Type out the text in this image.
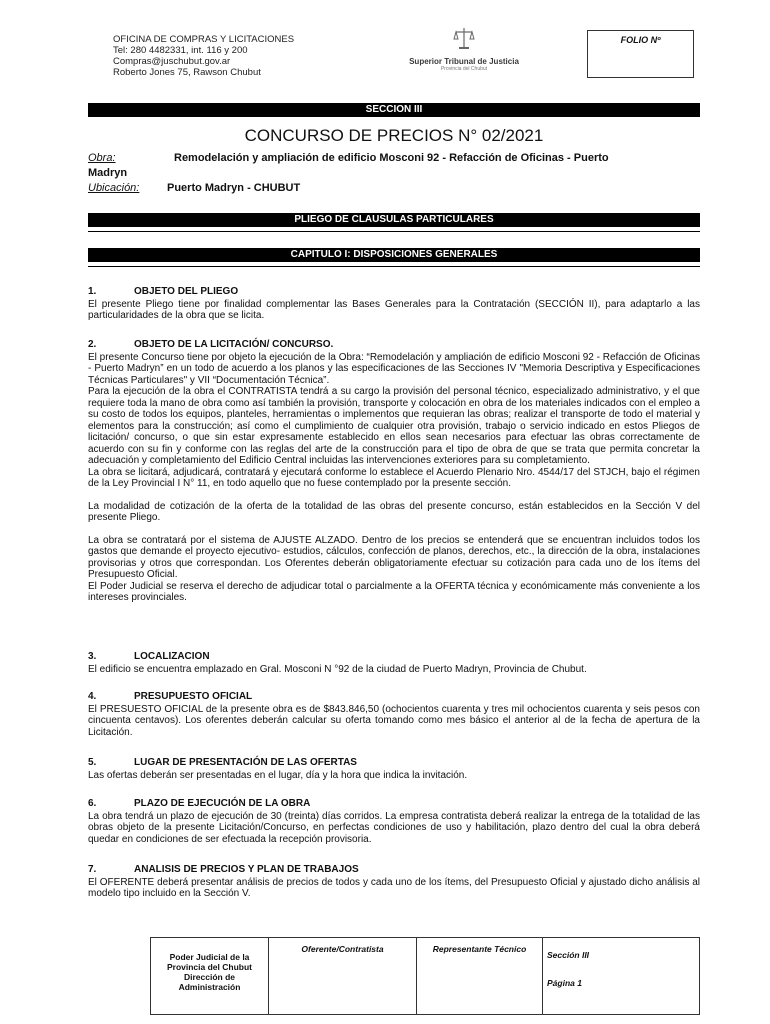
OFICINA DE COMPRAS Y LICITACIONES
Tel: 280 4482331, int. 116 y 200
Compras@juschubut.gov.ar
Roberto Jones 75, Rawson Chubut
Superior Tribunal de Justicia
Provincia del Chubut
FOLIO Nº
SECCION III
CONCURSO DE PRECIOS N° 02/2021
Obra:	Remodelación y ampliación de edificio Mosconi 92 - Refacción de Oficinas - Puerto
Madryn
Ubicación:	Puerto Madryn - CHUBUT
PLIEGO DE CLAUSULAS PARTICULARES
CAPITULO I: DISPOSICIONES GENERALES
1.	OBJETO DEL PLIEGO

El presente Pliego tiene por finalidad complementar las Bases Generales para la Contratación (SECCIÓN II), para adaptarlo a las particularidades de la obra que se licita.

2.	OBJETO DE LA LICITACIÓN/ CONCURSO.

El presente Concurso tiene por objeto la ejecución de la Obra: “Remodelación y ampliación de edificio Mosconi 92 - Refacción de Oficinas - Puerto Madryn” en un todo de acuerdo a los planos y las especificaciones de las Secciones IV "Memoria Descriptiva y Especificaciones Técnicas Particulares" y VII “Documentación Técnica”.

Para la ejecución de la obra el CONTRATISTA tendrá a su cargo la provisión del personal técnico, especializado administrativo, y el que requiere toda la mano de obra como así también la provisión, transporte y colocación en obra de los materiales indicados con el empleo a su costo de todos los equipos, planteles, herramientas o implementos que requieran las obras; realizar el transporte de todo el material y elementos para la construcción; así como el cumplimiento de cualquier otra provisión, trabajo o servicio indicado en estos Pliegos de licitación/ concurso, o que sin estar expresamente establecido en ellos sean necesarios para efectuar las obras correctamente de acuerdo con su fin y conforme con las reglas del arte de la construcción para el tipo de obra de que se trata que permita concretar la adecuación y completamiento del Edificio Central incluidas las intervenciones exteriores para su completamiento.

La obra se licitará, adjudicará, contratará y ejecutará conforme lo establece el Acuerdo Plenario Nro. 4544/17 del STJCH, bajo el régimen de la Ley Provincial I N° 11, en todo aquello que no fuese contemplado por la presente sección.

La modalidad de cotización de la oferta de la totalidad de las obras del presente concurso, están establecidos en la Sección V del presente Pliego.

La obra se contratará por el sistema de AJUSTE ALZADO. Dentro de los precios se entenderá que se encuentran incluidos todos los gastos que demande el proyecto ejecutivo- estudios, cálculos, confección de planos, derechos, etc., la dirección de la obra, instalaciones provisorias y otros que correspondan. Los Oferentes deberán obligatoriamente efectuar su cotización para cada uno de los ítems del Presupuesto Oficial.

El Poder Judicial se reserva el derecho de adjudicar total o parcialmente a la OFERTA técnica y económicamente más conveniente a los intereses provinciales.

3.	LOCALIZACION

El edificio se encuentra emplazado en Gral. Mosconi N °92 de la ciudad de Puerto Madryn, Provincia de Chubut.

4.	PRESUPUESTO OFICIAL

El PRESUESTO OFICIAL de la presente obra es de $843.846,50 (ochocientos cuarenta y tres mil ochocientos cuarenta y seis pesos con cincuenta centavos). Los oferentes deberán calcular su oferta tomando como mes básico el anterior al de la fecha de apertura de la Licitación.

5.	LUGAR DE PRESENTACIÓN DE LAS OFERTAS

Las ofertas deberán ser presentadas en el lugar, día y la hora que indica la invitación.

6.	PLAZO DE EJECUCIÓN DE LA OBRA

La obra tendrá un plazo de ejecución de 30 (treinta) días corridos. La empresa contratista deberá realizar la entrega de la totalidad de las obras objeto de la presente Licitación/Concurso, en perfectas condiciones de uso y habilitación, plazo dentro del cual la obra deberá quedar en condiciones de ser efectuada la recepción provisoria.

7.	ANALISIS DE PRECIOS Y PLAN DE TRABAJOS

El OFERENTE deberá presentar análisis de precios de todos y cada uno de los ítems, del Presupuesto Oficial y ajustado dicho análisis al modelo tipo incluido en la Sección V.

Poder Judicial de la Provincia del Chubut Dirección de Administración
Oferente/Contratista	Representante Técnico
Sección III
Página 1
